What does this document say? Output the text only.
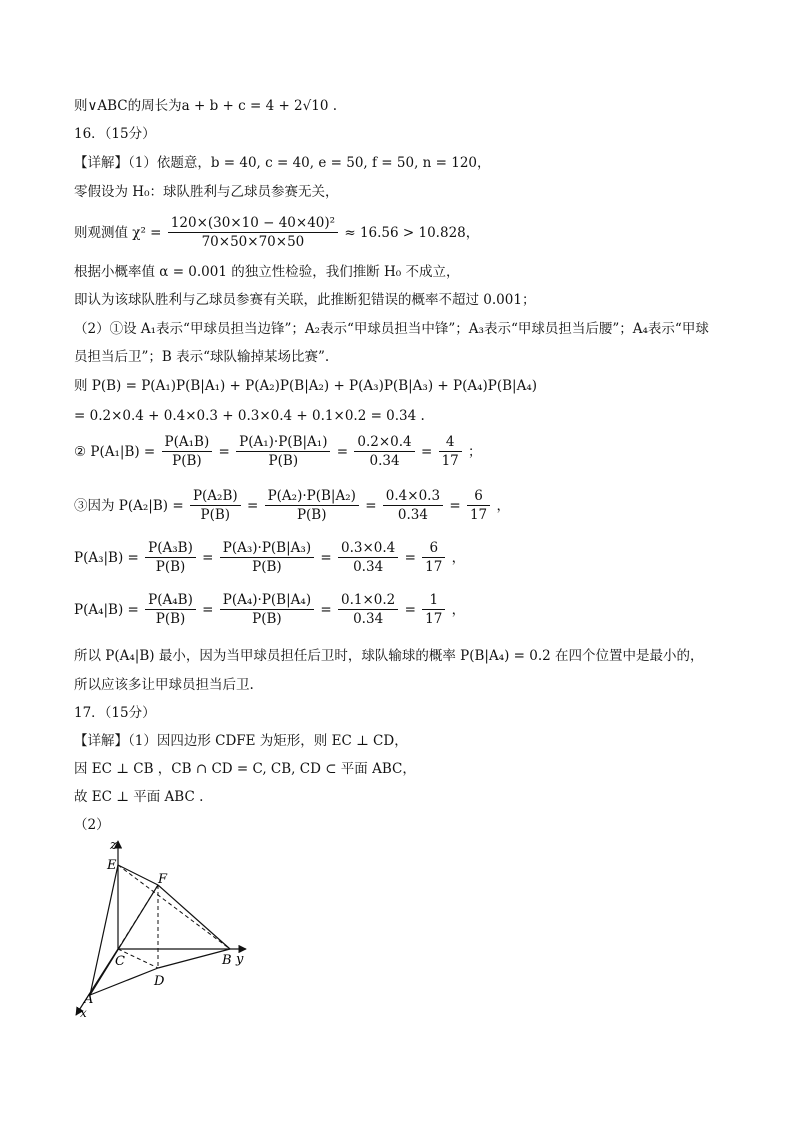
则∨ABC的周长为a + b + c = 4 + 2√10 .
16．（15分）
【详解】（1）依题意，b = 40, c = 40, e = 50, f = 50, n = 120，
零假设为 H₀：球队胜利与乙球员参赛无关，
则观测值 $\chi^2 = \frac{\text{120×(30×10 − 40×40)²}}{70\times 50\times 70\times 50} \approx 16.56 > 10.828$，
根据小概率值 α = 0.001 的独立性检验，我们推断 H₀ 不成立，
即认为该球队胜利与乙球员参赛有关联，此推断犯错误的概率不超过 0.001；
（2）①设 A₁表示“甲球员担当边锋”；A₂表示“甲球员担当中锋”；A₃表示“甲球员担当后腰”；A₄表示“甲球
员担当后卫”；B 表示“球队输掉某场比赛”.
则 P(B) = P(A₁)P(B|A₁) + P(A₂)P(B|A₂) + P(A₃)P(B|A₃) + P(A₄)P(B|A₄)
= 0.2×0.4 + 0.4×0.3 + 0.3×0.4 + 0.1×0.2 = 0.34 .
② $P(A_1|B) = \frac{\text{P(A₁B)}}{P(B)} = \frac{\text{P(A₁)·P(B|A₁)}}{P(B)} = \frac{0.2\times 0.4}{0.34} = \frac{4}{17}$ ；
③因为 $P(A_2|B) = \frac{\text{P(A₂B)}}{P(B)} = \frac{\text{P(A₂)·P(B|A₂)}}{P(B)} = \frac{0.4\times 0.3}{0.34} = \frac{6}{17}$ ，
$P(A_3|B) = \frac{\text{P(A₃B)}}{P(B)} = \frac{\text{P(A₃)·P(B|A₃)}}{P(B)} = \frac{0.3\times 0.4}{0.34} = \frac{6}{17}$ ，
$P(A_4|B) = \frac{\text{P(A₄B)}}{P(B)} = \frac{\text{P(A₄)·P(B|A₄)}}{P(B)} = \frac{0.1\times 0.2}{0.34} = \frac{1}{17}$ ，
所以 P(A₄|B) 最小，因为当甲球员担任后卫时，球队输球的概率 P(B|A₄) = 0.2 在四个位置中是最小的，
所以应该多让甲球员担当后卫.
17．（15分）
【详解】（1）因四边形 CDFE 为矩形，则 EC ⊥ CD，
因 EC ⊥ CB ，CB ∩ CD = C, CB, CD ⊂ 平面 ABC，
故 EC ⊥ 平面 ABC .
（2）
z
E
F
C
D
B y
A
x
